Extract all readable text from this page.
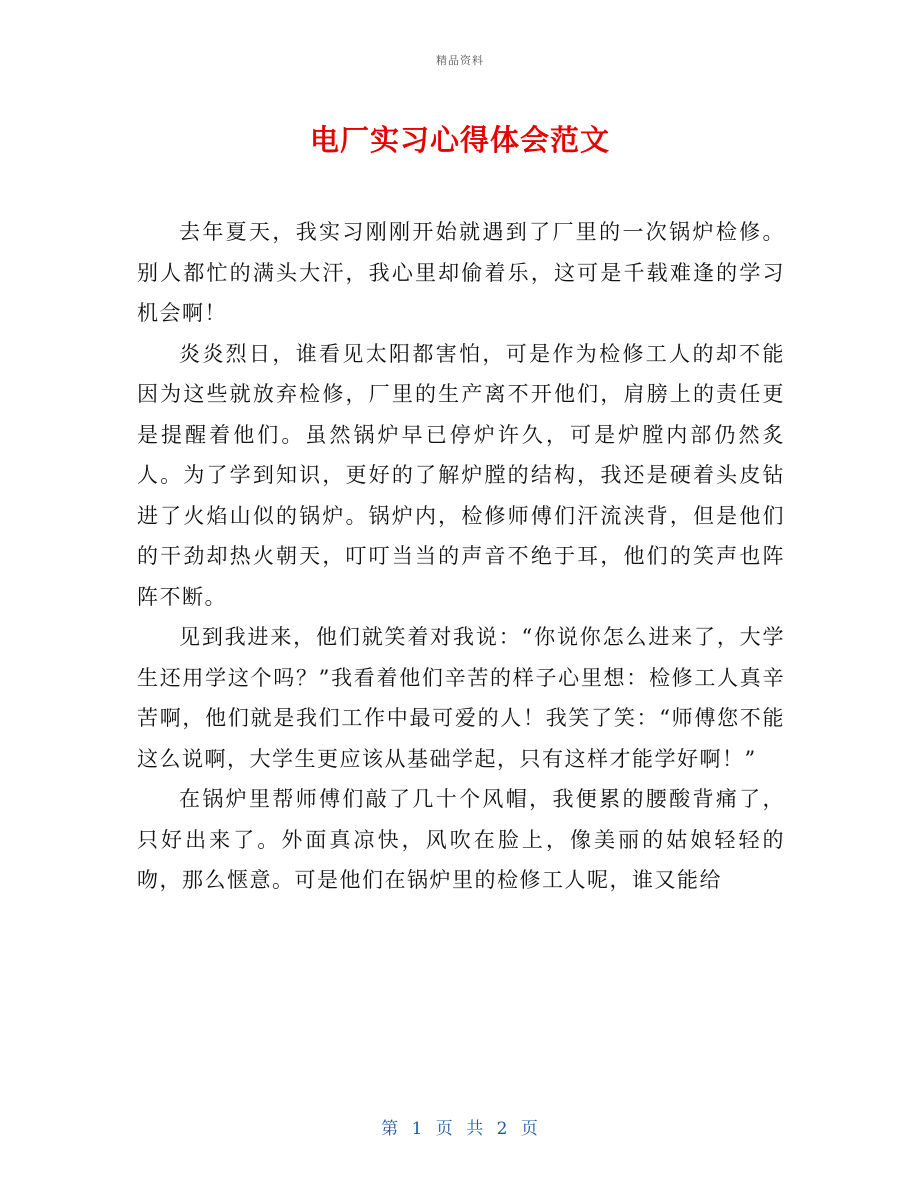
精品资料
电厂实习心得体会范文

去年夏天，我实习刚刚开始就遇到了厂里的一次锅炉检修。别人都忙的满头大汗，我心里却偷着乐，这可是千载难逢的学习机会啊！

炎炎烈日，谁看见太阳都害怕，可是作为检修工人的却不能因为这些就放弃检修，厂里的生产离不开他们，肩膀上的责任更是提醒着他们。虽然锅炉早已停炉许久，可是炉膛内部仍然炙人。为了学到知识，更好的了解炉膛的结构，我还是硬着头皮钻进了火焰山似的锅炉。锅炉内，检修师傅们汗流浃背，但是他们的干劲却热火朝天，叮叮当当的声音不绝于耳，他们的笑声也阵阵不断。

见到我进来，他们就笑着对我说：“你说你怎么进来了，大学生还用学这个吗？”我看着他们辛苦的样子心里想：检修工人真辛苦啊，他们就是我们工作中最可爱的人！我笑了笑：“师傅您不能这么说啊，大学生更应该从基础学起，只有这样才能学好啊！”

在锅炉里帮师傅们敲了几十个风帽，我便累的腰酸背痛了，只好出来了。外面真凉快，风吹在脸上，像美丽的姑娘轻轻的吻，那么惬意。可是他们在锅炉里的检修工人呢，谁又能给

第 1 页 共 2 页
